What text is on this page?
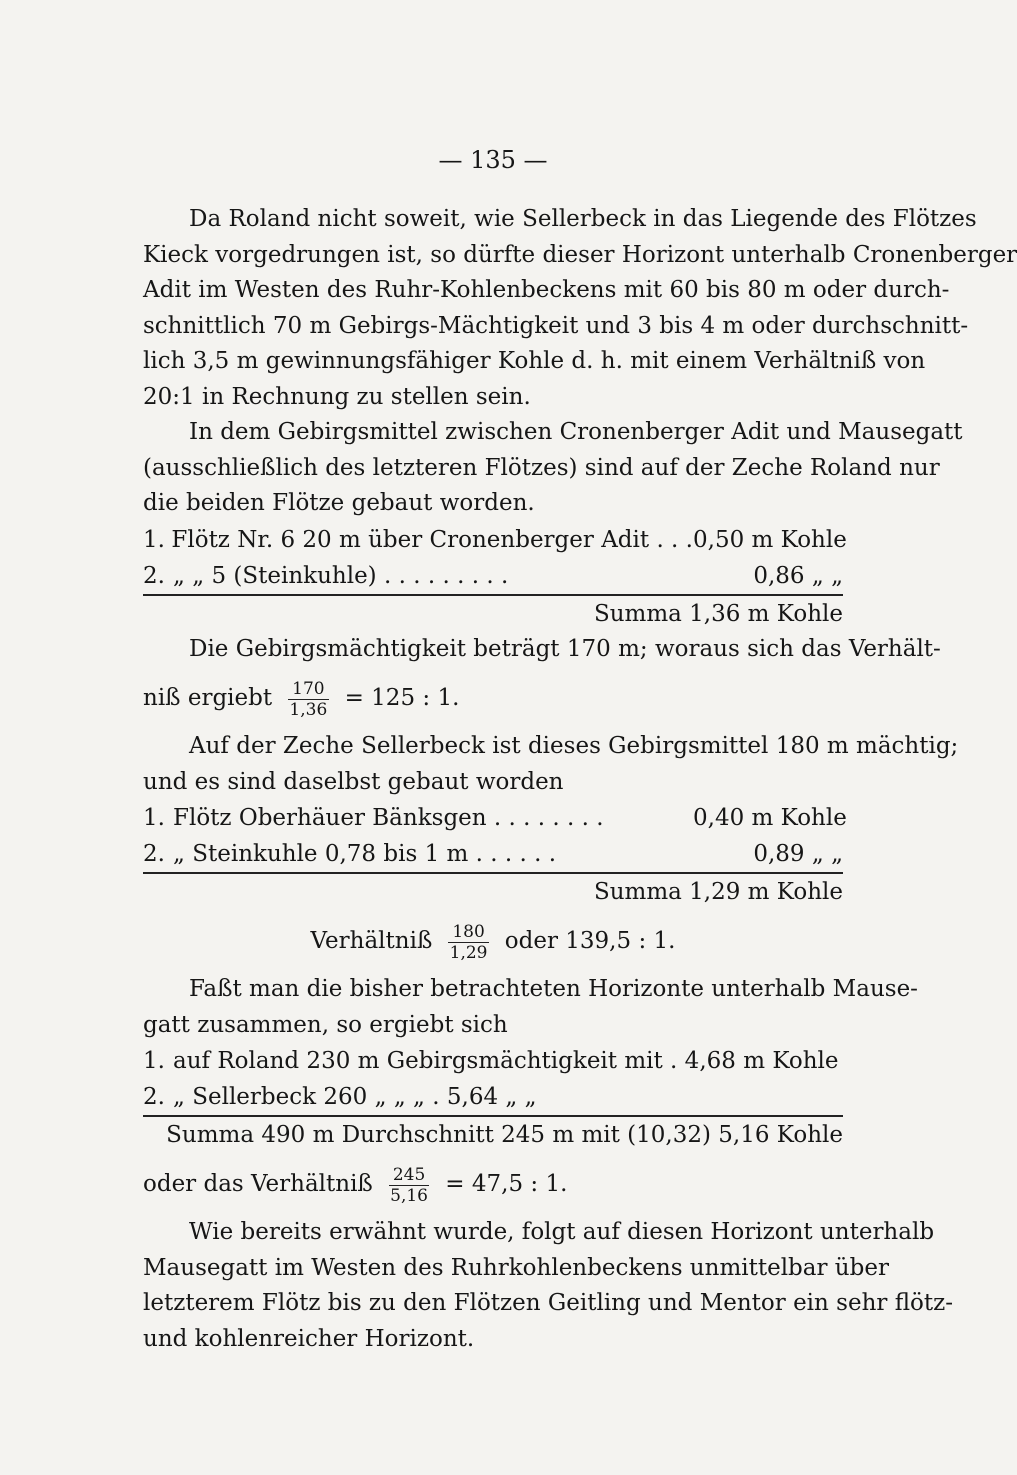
— 135 —
Da Roland nicht soweit, wie Sellerbeck in das Liegende des Flötzes
Kieck vorgedrungen ist, so dürfte dieser Horizont unterhalb Cronenberger
Adit im Westen des Ruhr-Kohlenbeckens mit 60 bis 80 m oder durch-
schnittlich 70 m Gebirgs-Mächtigkeit und 3 bis 4 m oder durchschnitt-
lich 3,5 m gewinnungsfähiger Kohle d. h. mit einem Verhältniß von
20:1 in Rechnung zu stellen sein.
In dem Gebirgsmittel zwischen Cronenberger Adit und Mausegatt
(ausschließlich des letzteren Flötzes) sind auf der Zeche Roland nur
die beiden Flötze gebaut worden.
1. Flötz Nr. 6 20 m über Cronenberger Adit . . . 0,50 m Kohle
2. „ „ 5 (Steinkuhle) . . . . . . . . .	0,86 „ „
Summa 1,36 m Kohle
Die Gebirgsmächtigkeit beträgt 170 m; woraus sich das Verhält-
niß ergiebt $\frac{170}{1,36} = 125$ : 1.
Auf der Zeche Sellerbeck ist dieses Gebirgsmittel 180 m mächtig;
und es sind daselbst gebaut worden
1. Flötz Oberhäuer Bänksgen . . . . . . . .	0,40 m Kohle
2. „ Steinkuhle 0,78 bis 1 m . . . . . .	0,89 „ „
Summa 1,29 m Kohle
Verhältniß $\frac{180}{1,29}$ oder 139,5 : 1.
Faßt man die bisher betrachteten Horizonte unterhalb Mause-
gatt zusammen, so ergiebt sich
1. auf Roland 230 m Gebirgsmächtigkeit mit . 4,68 m Kohle
2. „ Sellerbeck 260 „ „ „ . 5,64 „ „
Summa 490 m Durchschnitt 245 m mit (10,32) 5,16 Kohle
oder das Verhältniß $\frac{245}{5,16} = 47,5$ : 1.
Wie bereits erwähnt wurde, folgt auf diesen Horizont unterhalb
Mausegatt im Westen des Ruhrkohlenbeckens unmittelbar über
letzterem Flötz bis zu den Flötzen Geitling und Mentor ein sehr flötz-
und kohlenreicher Horizont.
